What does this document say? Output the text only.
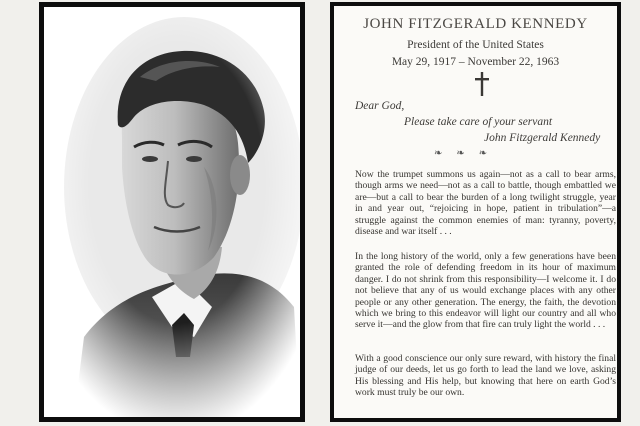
JOHN FITZGERALD KENNEDY
President of the United States
May 29, 1917 – November 22, 1963
Dear God,
Please take care of your servant
John Fitzgerald Kennedy
❧❧❧

Now the trumpet summons us again—not as a call to bear arms, though arms we need—not as a call to battle, though embattled we are—but a call to bear the burden of a long twilight struggle, year in and year out, “rejoicing in hope, patient in tribulation”—a struggle against the common enemies of man: tyranny, poverty, disease and war itself . . .

In the long history of the world, only a few generations have been granted the role of defending freedom in its hour of maximum danger. I do not shrink from this responsibility—I welcome it. I do not believe that any of us would exchange places with any other people or any other generation. The energy, the faith, the devotion which we bring to this endeavor will light our country and all who serve it—and the glow from that fire can truly light the world . . .

With a good conscience our only sure reward, with history the final judge of our deeds, let us go forth to lead the land we love, asking His blessing and His help, but knowing that here on earth God’s work must truly be our own.
